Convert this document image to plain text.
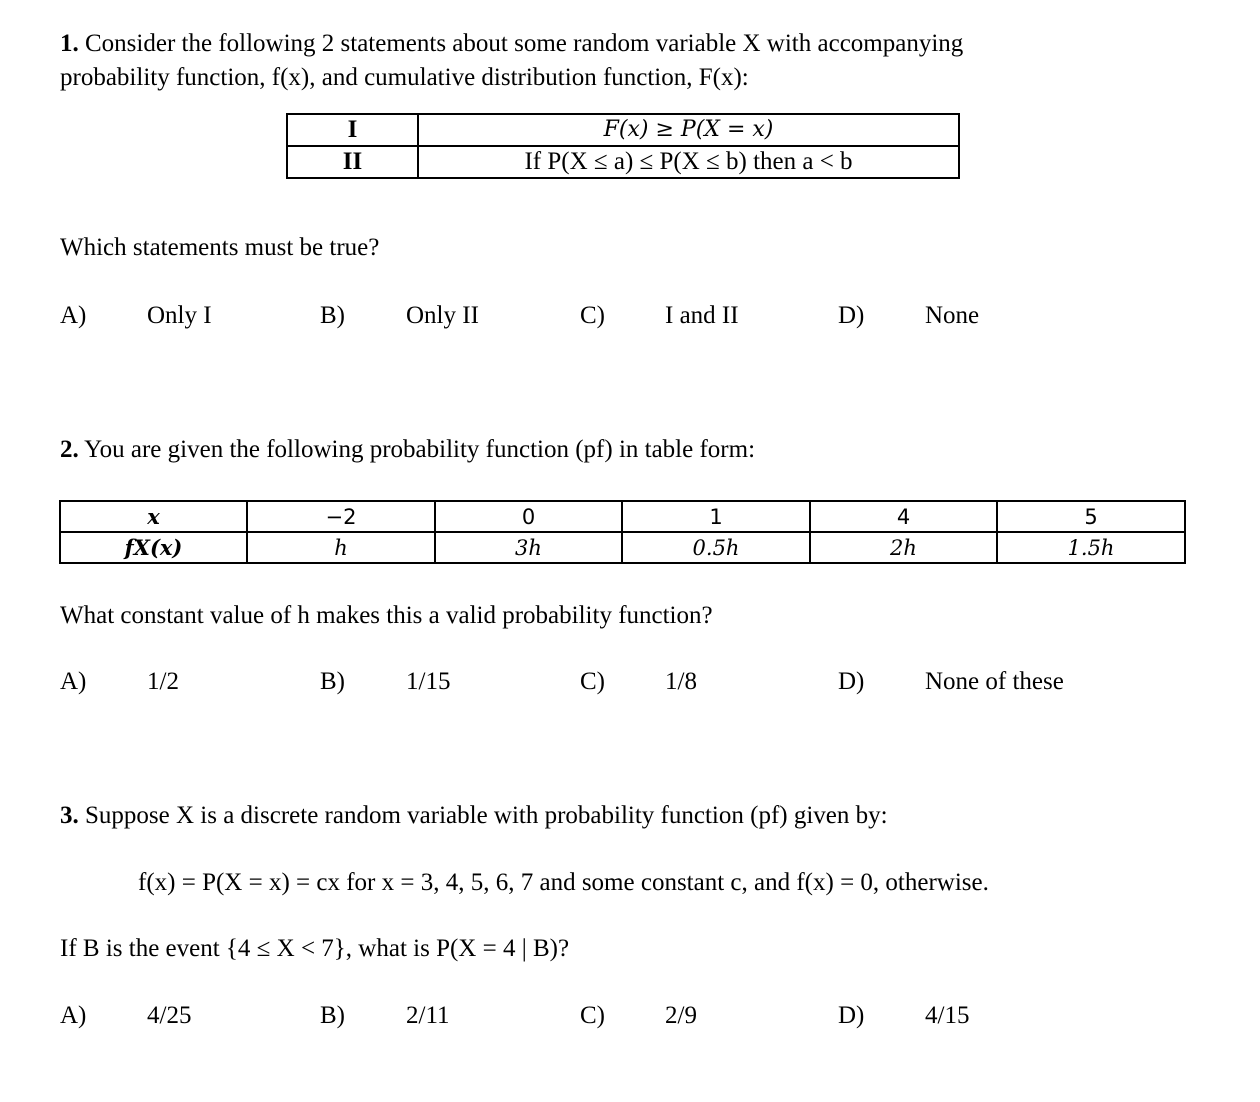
1. Consider the following 2 statements about some random variable X with accompanying
probability function, f(x), and cumulative distribution function, F(x):
I	F(x) ≥ P(X = x)
II	If P(X ≤ a) ≤ P(X ≤ b) then a < b
Which statements must be true?
A) Only I	B) Only II	C) I and II	D) None
2. You are given the following probability function (pf) in table form:
x	−2	0	1	4	5
fX(x)	h	3h	0.5h	2h	1.5h
What constant value of h makes this a valid probability function?
A) 1/2	B) 1/15	C) 1/8	D) None of these
3. Suppose X is a discrete random variable with probability function (pf) given by:
f(x) = P(X = x) = cx for x = 3, 4, 5, 6, 7 and some constant c, and f(x) = 0, otherwise.
If B is the event {4 ≤ X < 7}, what is P(X = 4 | B)?
A) 4/25	B) 2/11	C) 2/9	D) 4/15
